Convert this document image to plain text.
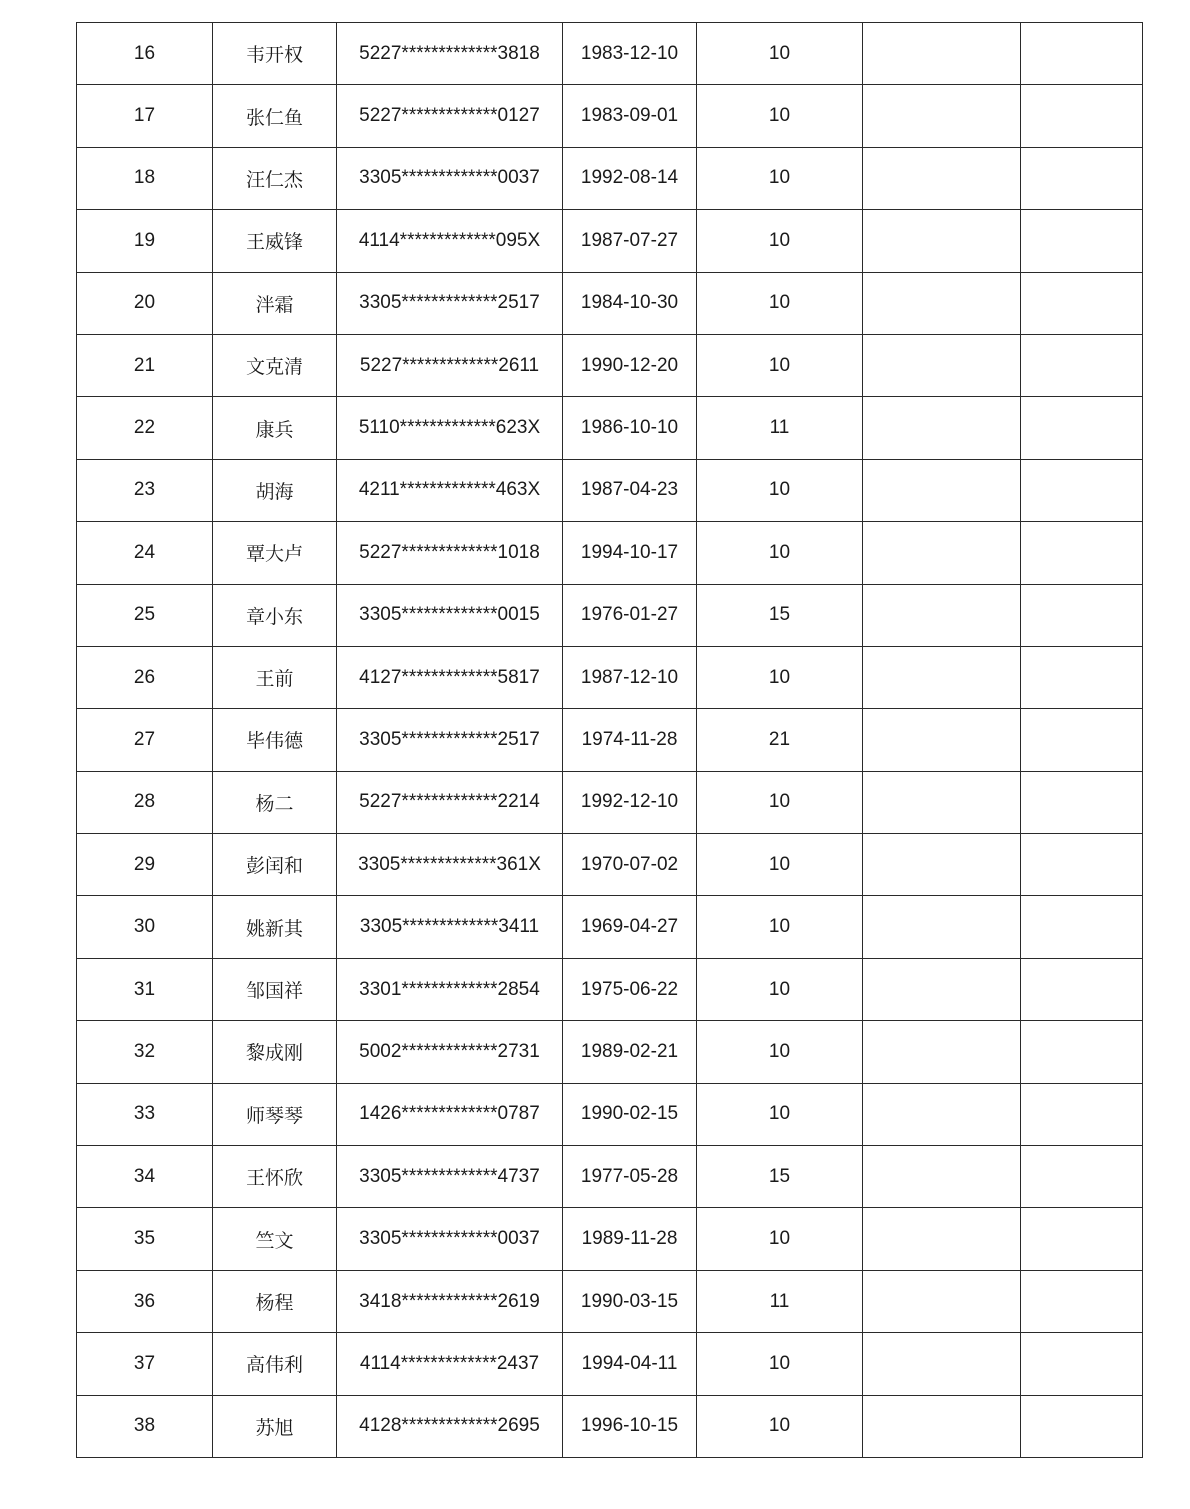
16	韦开权	5227*************3818	1983-12-10	10		
17	张仁鱼	5227*************0127	1983-09-01	10		
18	汪仁杰	3305*************0037	1992-08-14	10		
19	王威锋	4114*************095X	1987-07-27	10		
20	泮霜	3305*************2517	1984-10-30	10		
21	文克清	5227*************2611	1990-12-20	10		
22	康兵	5110*************623X	1986-10-10	11		
23	胡海	4211*************463X	1987-04-23	10		
24	覃大卢	5227*************1018	1994-10-17	10		
25	章小东	3305*************0015	1976-01-27	15		
26	王前	4127*************5817	1987-12-10	10		
27	毕伟德	3305*************2517	1974-11-28	21		
28	杨二	5227*************2214	1992-12-10	10		
29	彭闰和	3305*************361X	1970-07-02	10		
30	姚新其	3305*************3411	1969-04-27	10		
31	邹国祥	3301*************2854	1975-06-22	10		
32	黎成刚	5002*************2731	1989-02-21	10		
33	师琴琴	1426*************0787	1990-02-15	10		
34	王怀欣	3305*************4737	1977-05-28	15		
35	竺文	3305*************0037	1989-11-28	10		
36	杨程	3418*************2619	1990-03-15	11		
37	高伟利	4114*************2437	1994-04-11	10		
38	苏旭	4128*************2695	1996-10-15	10		
